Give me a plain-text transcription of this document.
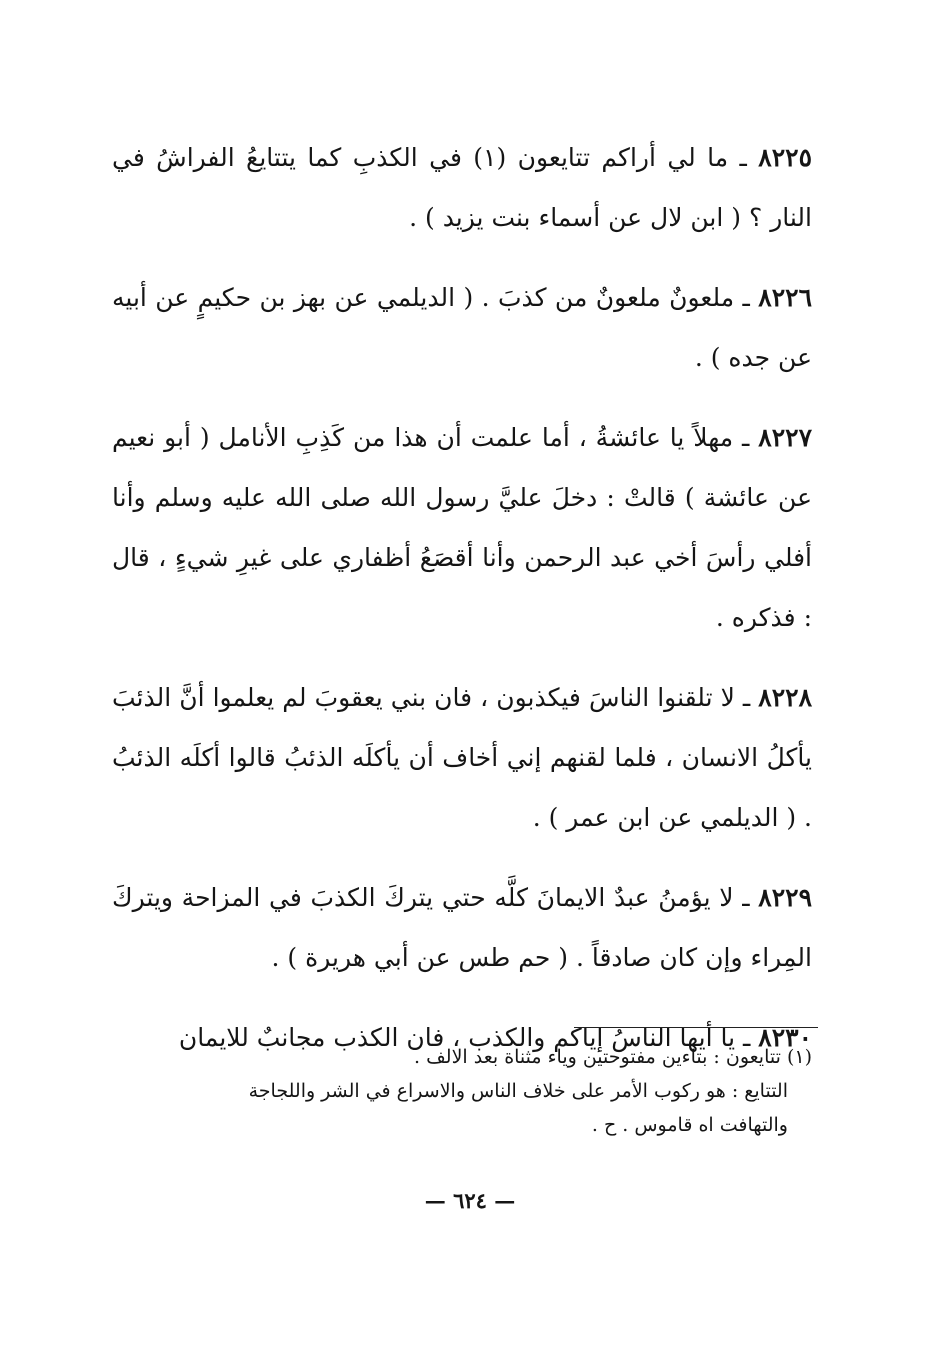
٨٢٢٥ ـ ما لي أراكم تتايعون (١) في الكذبِ كما يتتايعُ الفراشُ في النار ؟ ( ابن لال عن أسماء بنت يزيد ) .

٨٢٢٦ ـ ملعونٌ ملعونٌ من كذبَ . ( الديلمي عن بهز بن حكيمٍ عن أبيه عن جده ) .

٨٢٢٧ ـ مهلاً يا عائشةُ ، أما علمت أن هذا من كَذِبِ الأنامل ( أبو نعيم عن عائشة ) قالتْ : دخلَ عليَّ رسول الله صلى الله عليه وسلم وأنا أفلي رأسَ أخي عبد الرحمن وأنا أقصَعُ أظفاري على غيرِ شيءٍ ، قال : فذكره .

٨٢٢٨ ـ لا تلقنوا الناسَ فيكذبون ، فان بني يعقوبَ لم يعلموا أنَّ الذئبَ يأكلُ الانسان ، فلما لقنهم إني أخاف أن يأكلَه الذئبُ قالوا أكلَه الذئبُ . ( الديلمي عن ابن عمر ) .

٨٢٢٩ ـ لا يؤمنُ عبدٌ الايمانَ كلَّه حتي يتركَ الكذبَ في المزاحة ويتركَ المِراء وإن كان صادقاً . ( حم طس عن أبي هريرة ) .

٨٢٣٠ ـ يا أيها الناسُ إياكم والكذب ، فان الكذب مجانبٌ للايمان

(١) تتايعون : بتاءين مفتوحتين وياء مثناة بعد الالف .

التتايع : هو ركوب الأمر على خلاف الناس والاسراع في الشر واللجاجة

والتهافت اه قاموس . ح .

— ٦٢٤ —
